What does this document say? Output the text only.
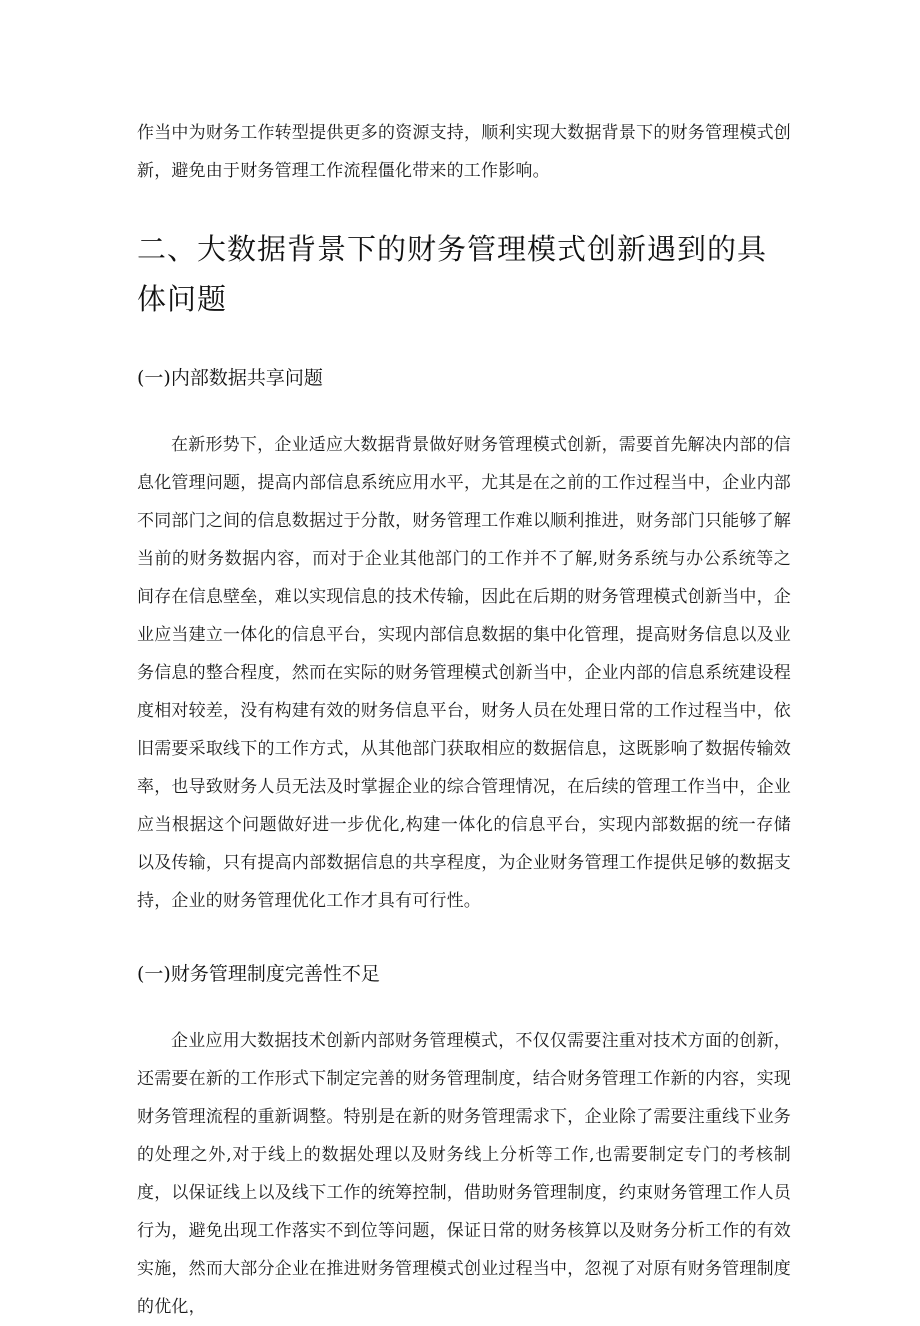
作当中为财务工作转型提供更多的资源支持，顺利实现大数据背景下的财务管理模式创新，避免由于财务管理工作流程僵化带来的工作影响。

二、大数据背景下的财务管理模式创新遇到的具体问题
(一)内部数据共享问题

在新形势下，企业适应大数据背景做好财务管理模式创新，需要首先解决内部的信息化管理问题，提高内部信息系统应用水平，尤其是在之前的工作过程当中，企业内部不同部门之间的信息数据过于分散，财务管理工作难以顺利推进，财务部门只能够了解当前的财务数据内容，而对于企业其他部门的工作并不了解,财务系统与办公系统等之间存在信息壁垒，难以实现信息的技术传输，因此在后期的财务管理模式创新当中，企业应当建立一体化的信息平台，实现内部信息数据的集中化管理，提高财务信息以及业务信息的整合程度，然而在实际的财务管理模式创新当中，企业内部的信息系统建设程度相对较差，没有构建有效的财务信息平台，财务人员在处理日常的工作过程当中，依旧需要采取线下的工作方式，从其他部门获取相应的数据信息，这既影响了数据传输效率，也导致财务人员无法及时掌握企业的综合管理情况，在后续的管理工作当中，企业应当根据这个问题做好进一步优化,构建一体化的信息平台，实现内部数据的统一存储以及传输，只有提高内部数据信息的共享程度，为企业财务管理工作提供足够的数据支持，企业的财务管理优化工作才具有可行性。

(一)财务管理制度完善性不足

企业应用大数据技术创新内部财务管理模式，不仅仅需要注重对技术方面的创新，还需要在新的工作形式下制定完善的财务管理制度，结合财务管理工作新的内容，实现财务管理流程的重新调整。特别是在新的财务管理需求下，企业除了需要注重线下业务的处理之外,对于线上的数据处理以及财务线上分析等工作,也需要制定专门的考核制度，以保证线上以及线下工作的统筹控制，借助财务管理制度，约束财务管理工作人员行为，避免出现工作落实不到位等问题，保证日常的财务核算以及财务分析工作的有效实施，然而大部分企业在推进财务管理模式创业过程当中，忽视了对原有财务管理制度的优化，
